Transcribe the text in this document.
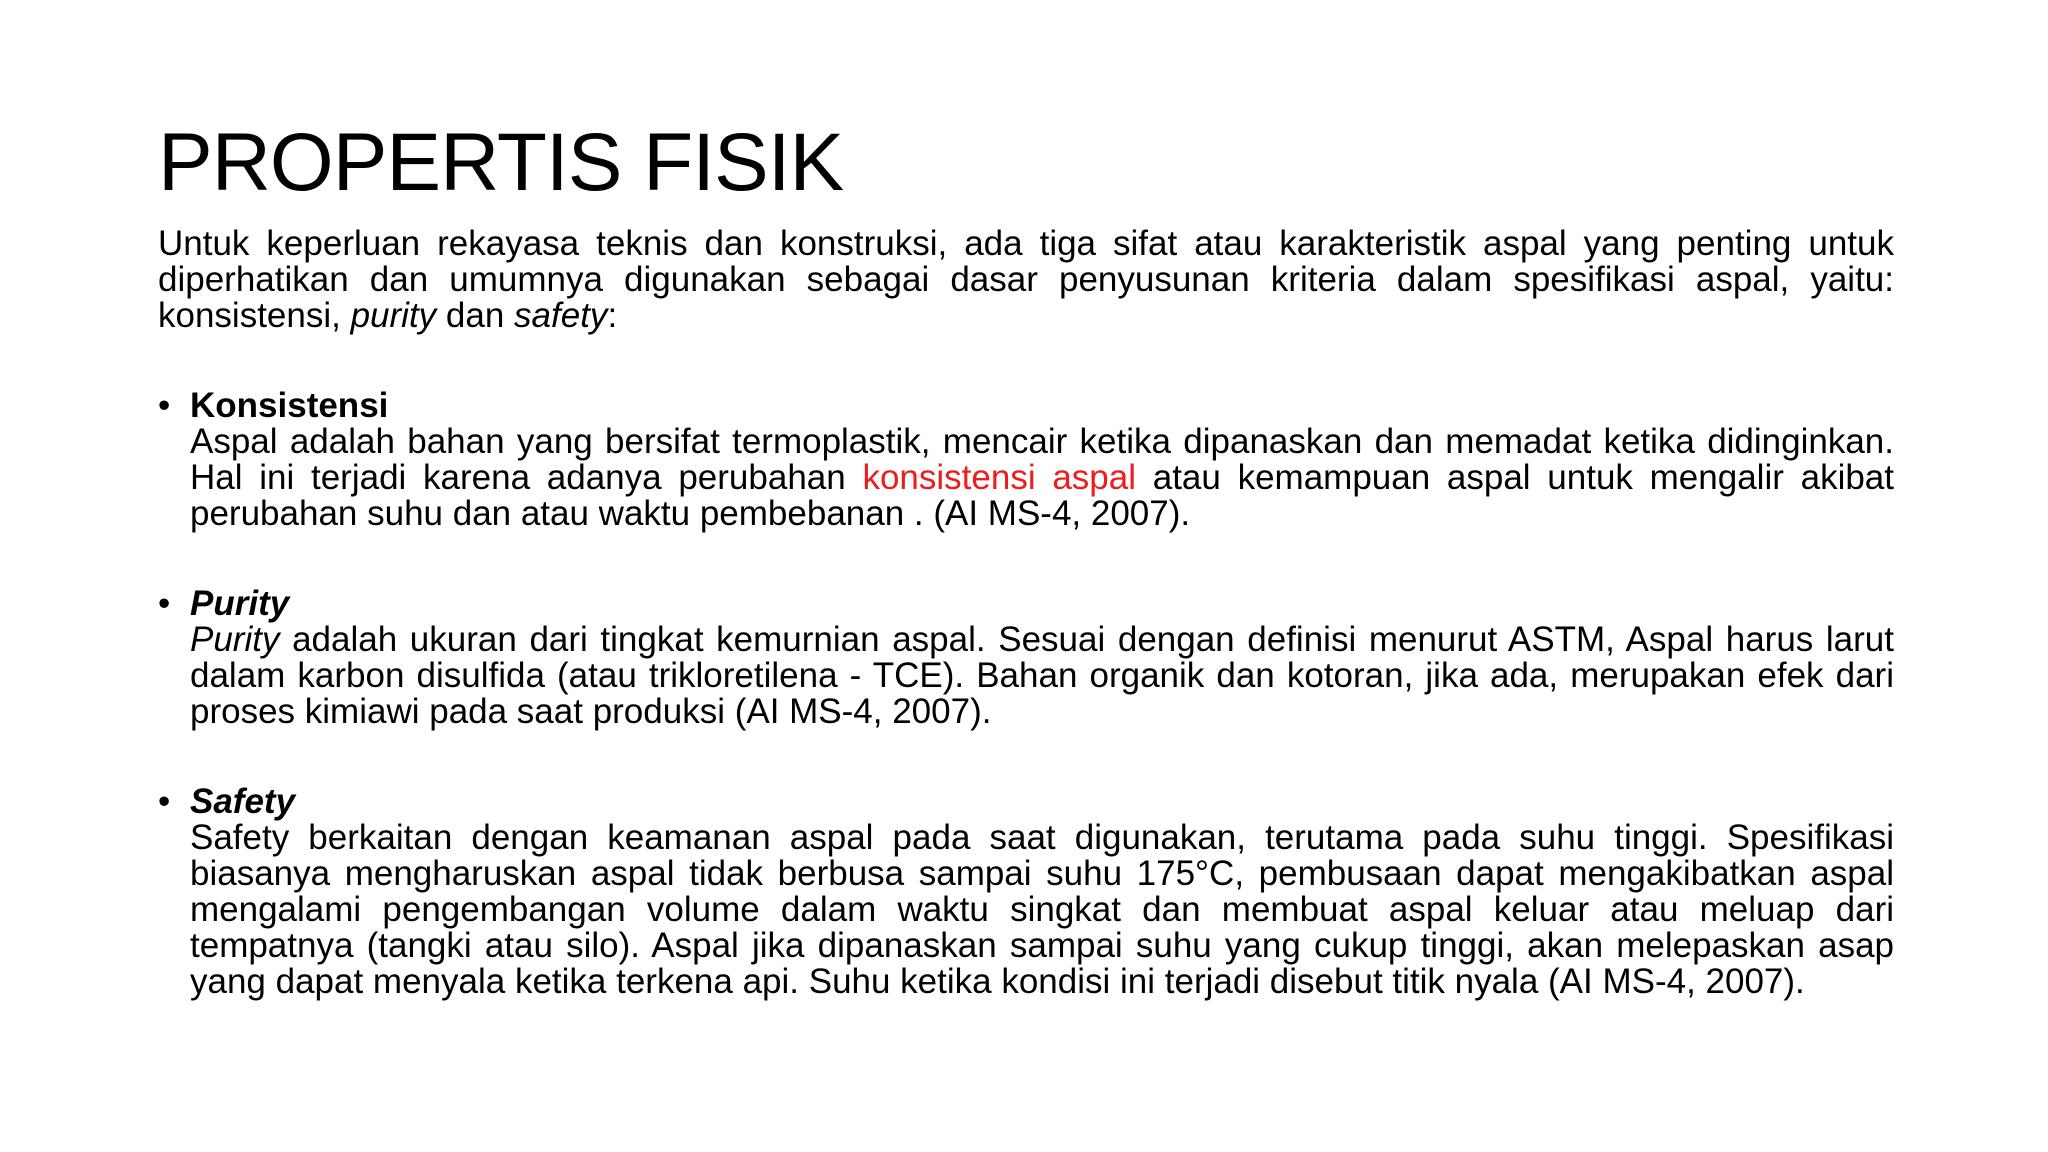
PROPERTIS FISIK

Untuk keperluan rekayasa teknis dan konstruksi, ada tiga sifat atau karakteristik aspal yang penting untuk diperhatikan dan umumnya digunakan sebagai dasar penyusunan kriteria dalam spesifikasi aspal, yaitu: konsistensi, purity dan safety:

• Konsistensi

Aspal adalah bahan yang bersifat termoplastik, mencair ketika dipanaskan dan memadat ketika didinginkan. Hal ini terjadi karena adanya perubahan konsistensi aspal atau kemampuan aspal untuk mengalir akibat perubahan suhu dan atau waktu pembebanan . (AI MS-4, 2007).

• Purity

Purity adalah ukuran dari tingkat kemurnian aspal. Sesuai dengan definisi menurut ASTM, Aspal harus larut dalam karbon disulfida (atau trikloretilena - TCE). Bahan organik dan kotoran, jika ada, merupakan efek dari proses kimiawi pada saat produksi (AI MS-4, 2007).

• Safety

Safety berkaitan dengan keamanan aspal pada saat digunakan, terutama pada suhu tinggi. Spesifikasi biasanya mengharuskan aspal tidak berbusa sampai suhu 175°C, pembusaan dapat mengakibatkan aspal mengalami pengembangan volume dalam waktu singkat dan membuat aspal keluar atau meluap dari tempatnya (tangki atau silo). Aspal jika dipanaskan sampai suhu yang cukup tinggi, akan melepaskan asap yang dapat menyala ketika terkena api. Suhu ketika kondisi ini terjadi disebut titik nyala (AI MS-4, 2007).
